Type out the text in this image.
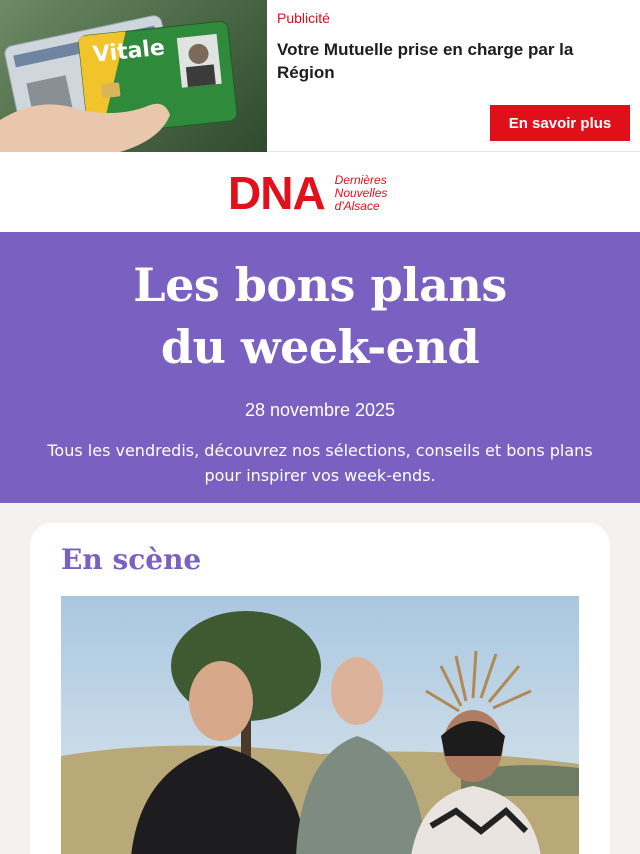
Vitale
Publicité
Votre Mutuelle prise en charge par la Région
En savoir plus
DNA Dernières
Nouvelles
d'Alsace
Les bons plans
du week-end
28 novembre 2025
Tous les vendredis, découvrez nos sélections, conseils et bons plans pour inspirer vos week-ends.
En scène
